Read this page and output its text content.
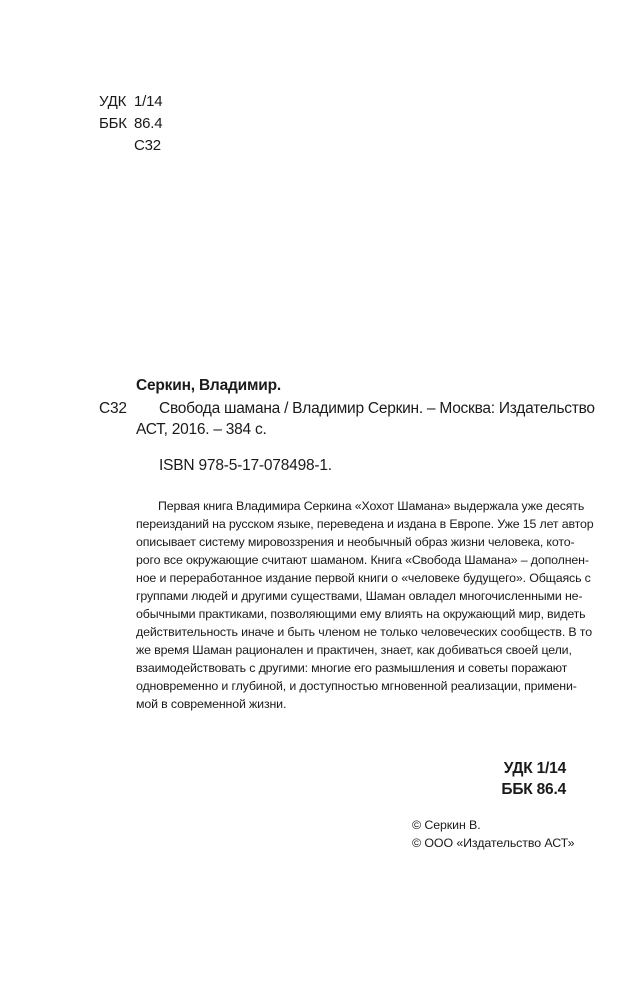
УДК 1/14
ББК 86.4
С32
Серкин, Владимир.
С32 Свобода шамана / Владимир Серкин. – Москва: Издательство
АСТ, 2016. – 384 с.
ISBN 978-5-17-078498-1.
Первая книга Владимира Серкина «Хохот Шамана» выдержала уже десять
переизданий на русском языке, переведена и издана в Европе. Уже 15 лет автор
описывает систему мировоззрения и необычный образ жизни человека, кото-
рого все окружающие считают шаманом. Книга «Свобода Шамана» – дополнен-
ное и переработанное издание первой книги о «человеке будущего». Общаясь с
группами людей и другими существами, Шаман овладел многочисленными не-
обычными практиками, позволяющими ему влиять на окружающий мир, видеть
действительность иначе и быть членом не только человеческих сообществ. В то
же время Шаман рационален и практичен, знает, как добиваться своей цели,
взаимодействовать с другими: многие его размышления и советы поражают
одновременно и глубиной, и доступностью мгновенной реализации, примени-
мой в современной жизни.
УДК 1/14
ББК 86.4
© Серкин В.
© ООО «Издательство АСТ»
